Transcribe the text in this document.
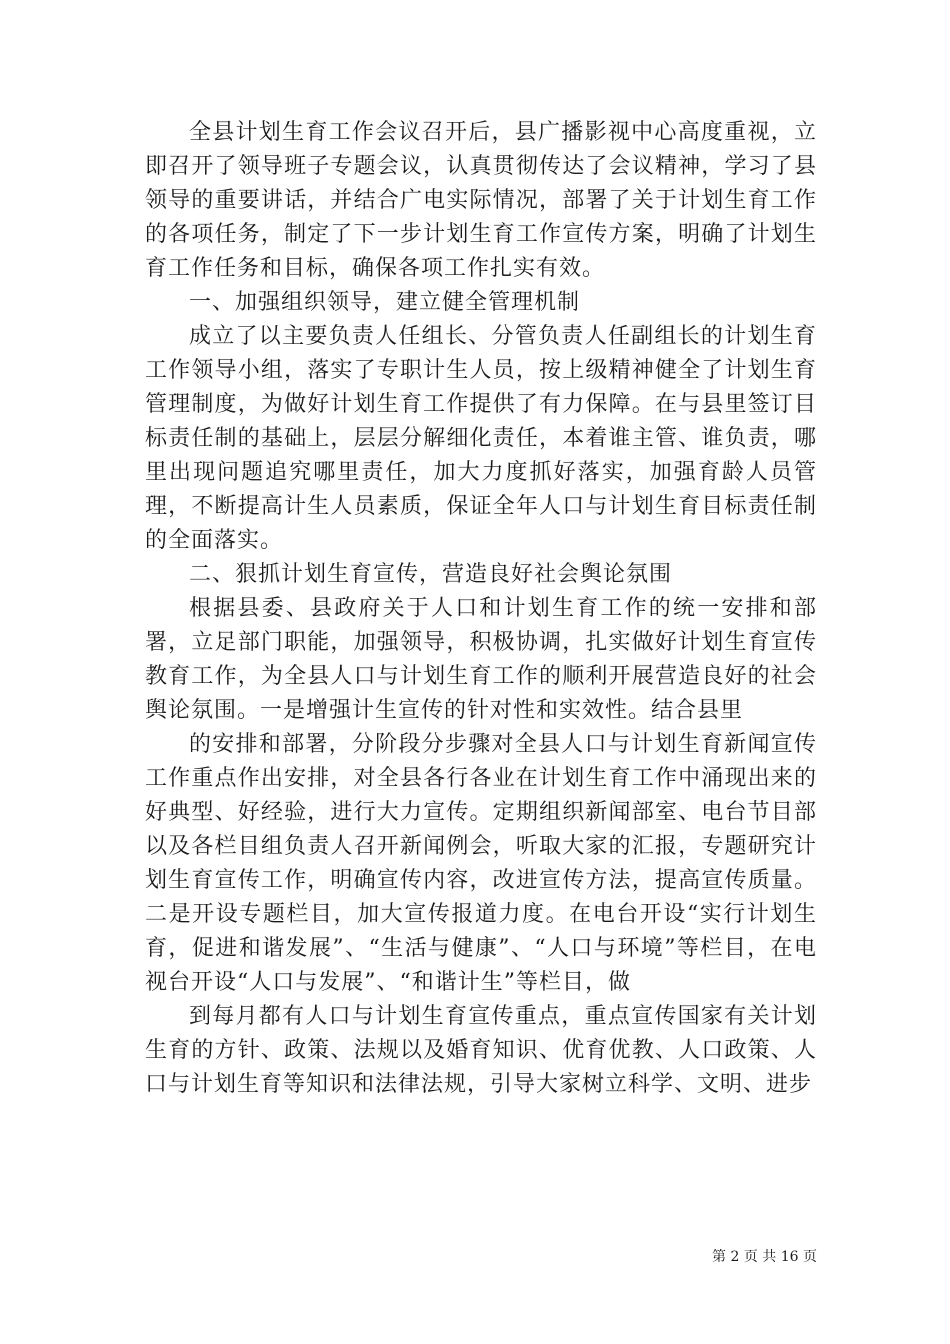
全县计划生育工作会议召开后，县广播影视中心高度重视，立即召开了领导班子专题会议，认真贯彻传达了会议精神，学习了县领导的重要讲话，并结合广电实际情况，部署了关于计划生育工作的各项任务，制定了下一步计划生育工作宣传方案，明确了计划生育工作任务和目标，确保各项工作扎实有效。

一、加强组织领导，建立健全管理机制

成立了以主要负责人任组长、分管负责人任副组长的计划生育工作领导小组，落实了专职计生人员，按上级精神健全了计划生育管理制度，为做好计划生育工作提供了有力保障。在与县里签订目标责任制的基础上，层层分解细化责任，本着谁主管、谁负责，哪里出现问题追究哪里责任，加大力度抓好落实，加强育龄人员管理，不断提高计生人员素质，保证全年人口与计划生育目标责任制的全面落实。

二、狠抓计划生育宣传，营造良好社会舆论氛围

根据县委、县政府关于人口和计划生育工作的统一安排和部署，立足部门职能，加强领导，积极协调，扎实做好计划生育宣传教育工作，为全县人口与计划生育工作的顺利开展营造良好的社会舆论氛围。一是增强计生宣传的针对性和实效性。结合县里

的安排和部署，分阶段分步骤对全县人口与计划生育新闻宣传工作重点作出安排，对全县各行各业在计划生育工作中涌现出来的好典型、好经验，进行大力宣传。定期组织新闻部室、电台节目部以及各栏目组负责人召开新闻例会，听取大家的汇报，专题研究计划生育宣传工作，明确宣传内容，改进宣传方法，提高宣传质量。二是开设专题栏目，加大宣传报道力度。在电台开设“实行计划生育，促进和谐发展”、“生活与健康”、“人口与环境”等栏目，在电视台开设“人口与发展”、“和谐计生”等栏目，做

到每月都有人口与计划生育宣传重点，重点宣传国家有关计划生育的方针、政策、法规以及婚育知识、优育优教、人口政策、人口与计划生育等知识和法律法规，引导大家树立科学、文明、进步

第 2 页 共 16 页
